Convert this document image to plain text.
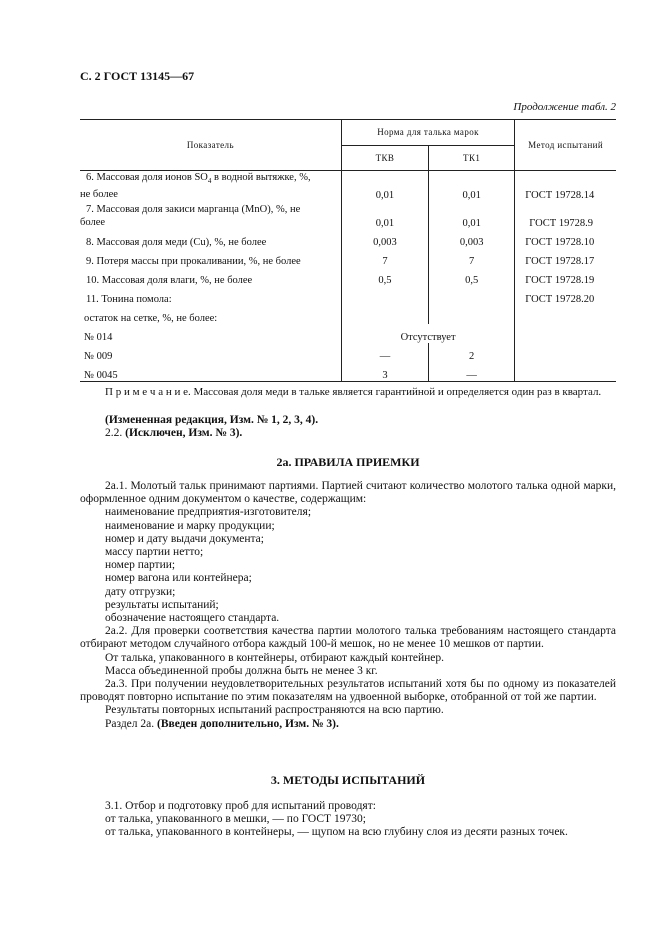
С. 2 ГОСТ 13145—67
Продолжение табл. 2
Показатель	Норма для талька марок		Метод испытаний
	ТКВ	ТК1	
6. Массовая доля ионов $SO_4$ в водной вытяжке, %,
не более	0,01	0,01	ГОСТ 19728.14
7. Массовая доля закиси марганца (MnO), %, не
более	0,01	0,01	ГОСТ 19728.9
8. Массовая доля меди (Cu), %, не более	0,003	0,003	ГОСТ 19728.10
9. Потеря массы при прокаливании, %, не более	7	7	ГОСТ 19728.17
10. Массовая доля влаги, %, не более	0,5	0,5	ГОСТ 19728.19
11. Тонина помола:			ГОСТ 19728.20
остаток на сетке, %, не более:			
№ 014	Отсутствует		
№ 009	—	2	
№ 0045	3	—	
П р и м е ч а н и е. Массовая доля меди в тальке является гарантийной и определяется один раз в квартал.
(Измененная редакция, Изм. № 1, 2, 3, 4).
2.2. (Исключен, Изм. № 3).
2а. ПРАВИЛА ПРИЕМКИ
2а.1. Молотый тальк принимают партиями. Партией считают количество молотого талька одной марки, оформленное одним документом о качестве, содержащим:
наименование предприятия-изготовителя;
наименование и марку продукции;
номер и дату выдачи документа;
массу партии нетто;
номер партии;
номер вагона или контейнера;
дату отгрузки;
результаты испытаний;
обозначение настоящего стандарта.
2а.2. Для проверки соответствия качества партии молотого талька требованиям настоящего стандарта отбирают методом случайного отбора каждый 100-й мешок, но не менее 10 мешков от партии.
От талька, упакованного в контейнеры, отбирают каждый контейнер.
Масса объединенной пробы должна быть не менее 3 кг.
2а.3. При получении неудовлетворительных результатов испытаний хотя бы по одному из показателей проводят повторно испытание по этим показателям на удвоенной выборке, отобранной от той же партии.
Результаты повторных испытаний распространяются на всю партию.
Раздел 2а. (Введен дополнительно, Изм. № 3).
3. МЕТОДЫ ИСПЫТАНИЙ
3.1. Отбор и подготовку проб для испытаний проводят:
от талька, упакованного в мешки, — по ГОСТ 19730;
от талька, упакованного в контейнеры, — щупом на всю глубину слоя из десяти разных точек.
